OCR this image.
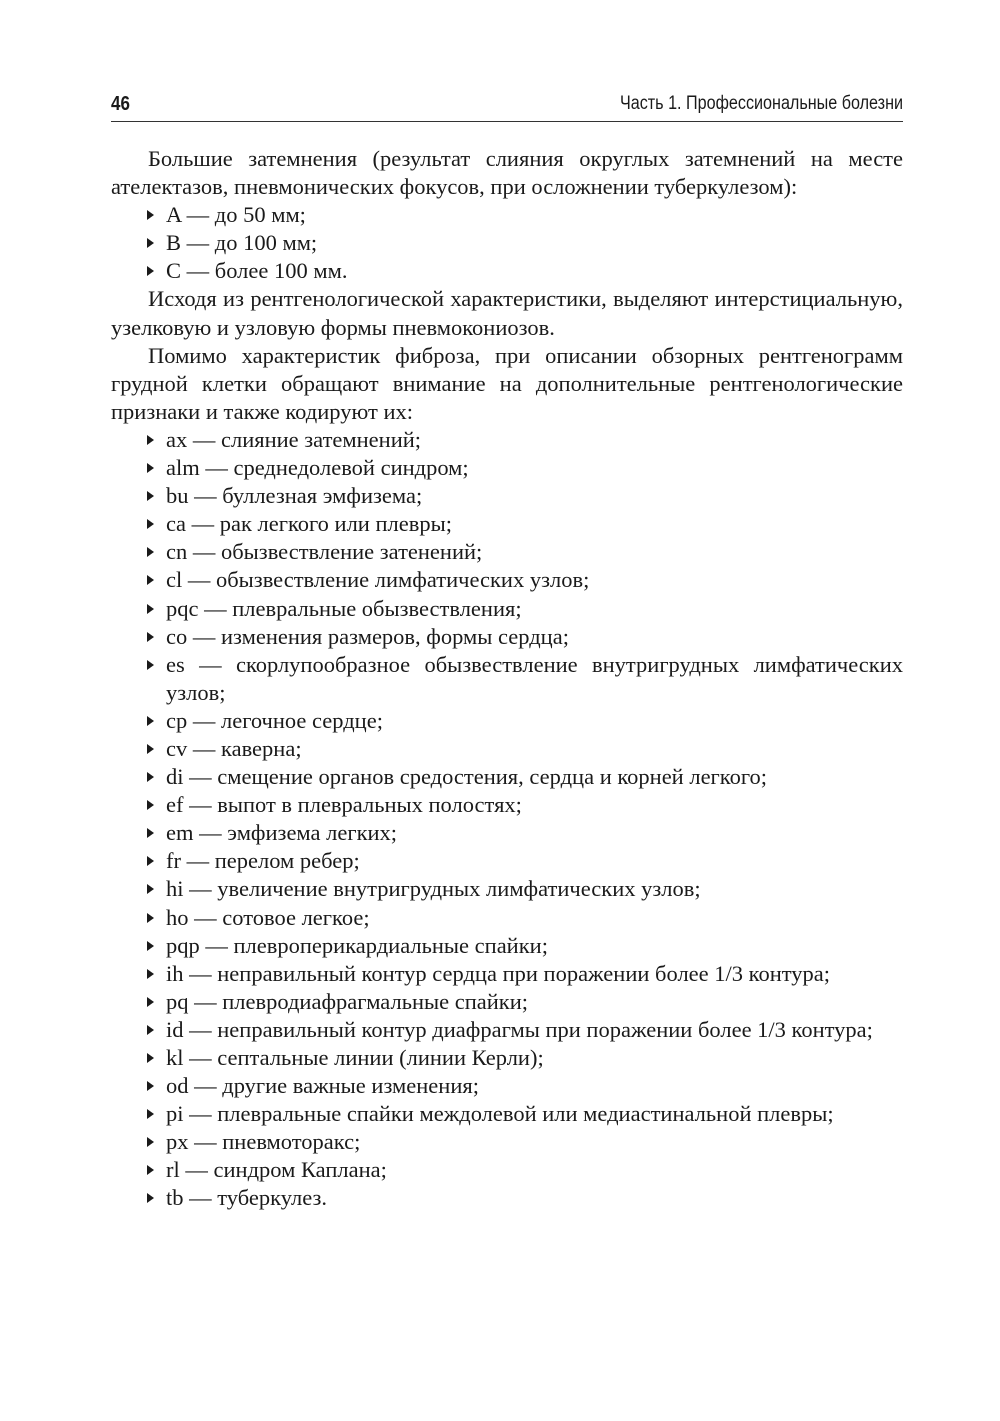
46	Часть 1. Профессиональные болезни

Большие затемнения (результат слияния округлых затемнений на месте ателектазов, пневмонических фокусов, при осложнении туберкулезом):

A — до 50 мм;
B — до 100 мм;
C — более 100 мм.

Исходя из рентгенологической характеристики, выделяют интерстициальную, узелковую и узловую формы пневмокониозов.

Помимо характеристик фиброза, при описании обзорных рентгенограмм грудной клетки обращают внимание на дополнительные рентгенологические признаки и также кодируют их:

ax — слияние затемнений;
alm — среднедолевой синдром;
bu — буллезная эмфизема;
ca — рак легкого или плевры;
cn — обызвествление затенений;
cl — обызвествление лимфатических узлов;
pqc — плевральные обызвествления;
co — изменения размеров, формы сердца;
es — скорлупообразное обызвествление внутригрудных лимфатических узлов;
cp — легочное сердце;
cv — каверна;
di — смещение органов средостения, сердца и корней легкого;
ef — выпот в плевральных полостях;
em — эмфизема легких;
fr — перелом ребер;
hi — увеличение внутригрудных лимфатических узлов;
ho — сотовое легкое;
pqp — плевроперикардиальные спайки;
ih — неправильный контур сердца при поражении более 1/3 контура;
pq — плевродиафрагмальные спайки;
id — неправильный контур диафрагмы при поражении более 1/3 контура;
kl — септальные линии (линии Керли);
od — другие важные изменения;
pi — плевральные спайки междолевой или медиастинальной плевры;
px — пневмоторакс;
rl — синдром Каплана;
tb — туберкулез.
